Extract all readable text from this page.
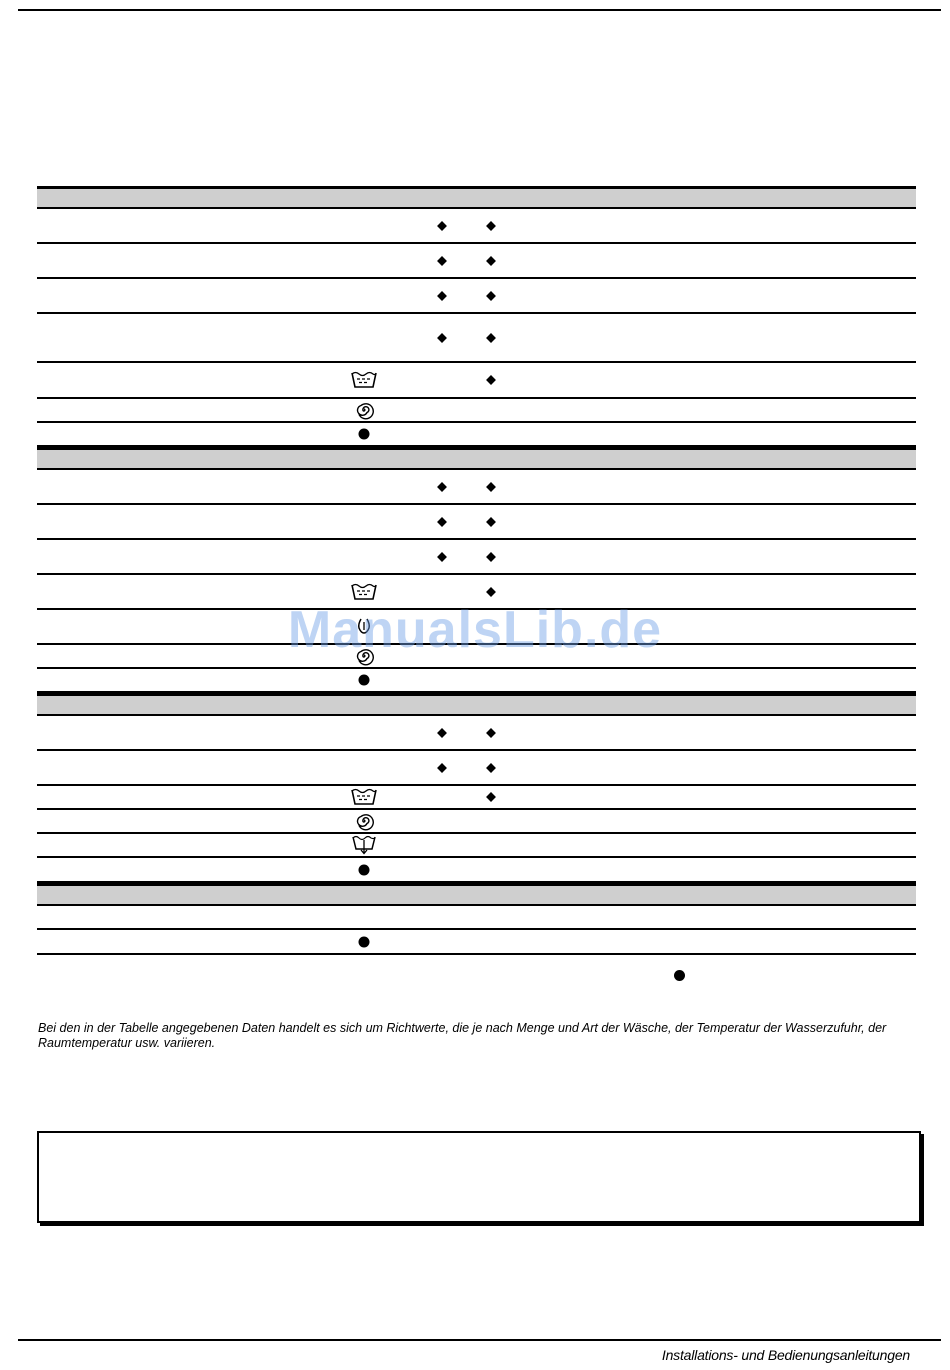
Bei den in der Tabelle angegebenen Daten handelt es sich um Richtwerte, die je nach Menge und Art der Wäsche, der Temperatur der Wasserzufuhr, der Raumtemperatur usw. variieren.
ManualsLib.de
Installations- und Bedienungsanleitungen
